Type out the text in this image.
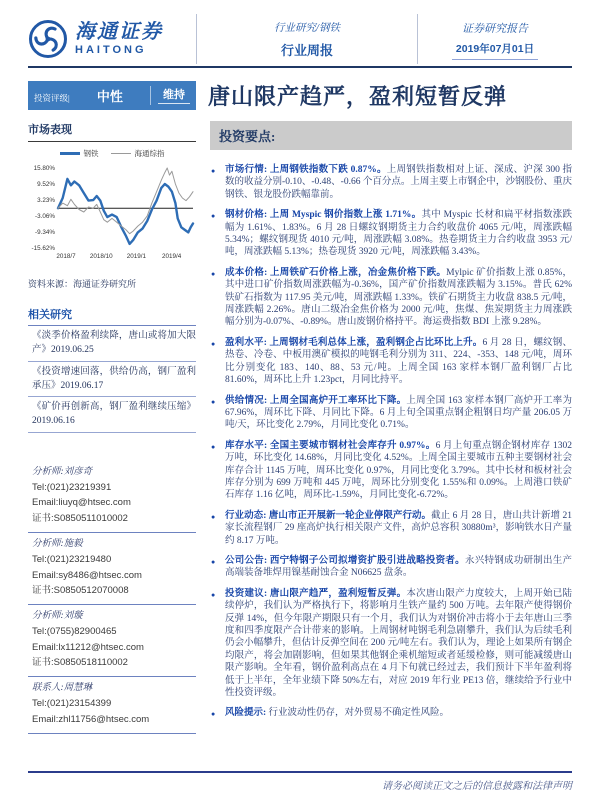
海通证券
HAITONG
行业研究/钢铁
行业周报
证券研究报告
2019年07月01日
投资评级|	中性	维持 唐山限产趋严，盈利短暂反弹
市场表现
钢铁	海通综指
15.80%
9.52%
3.23%
-3.06%
-9.34%
-15.62%
2018/7 2018/10 2019/1	2019/4
资料来源：海通证券研究所
相关研究
《淡季价格盈利续降，唐山或将加大限产》2019.06.25
《投资增速回落，供给仍高，钢厂盈利承压》2019.06.17
《矿价再创新高，钢厂盈利继续压缩》2019.06.16
分析师:刘彦奇
Tel:(021)23219391
Email:liuyq@htsec.com
证书:S0850511010002
分析师:施毅
Tel:(021)23219480
Email:sy8486@htsec.com
证书:S0850512070008
分析师:刘璇
Tel:(0755)82900465
Email:lx11212@htsec.com
证书:S0850518110002
联系人:周慧琳
Tel:(021)23154399
Email:zhl11756@htsec.com
投资要点:

● 市场行情: 上周钢铁指数下跌 0.87%。上周钢铁指数相对上证、深成、沪深 300 指数的收益分别-0.10、-0.48、-0.66 个百分点。上周主要上市钢企中，沙钢股份、重庆钢铁、银龙股份跌幅靠前。

● 钢材价格: 上周 Myspic 钢价指数上涨 1.71%。其中 Myspic 长材和扁平材指数涨跌幅为 1.61%、1.83%。6 月 28 日螺纹钢期货主力合约收盘价 4065 元/吨，周涨跌幅 5.34%；螺纹钢现货 4010 元/吨，周涨跌幅 3.08%。热卷期货主力合约收盘 3953 元/吨，周涨跌幅 5.13%；热卷现货 3920 元/吨，周涨跌幅 3.43%。

● 成本价格: 上周铁矿石价格上涨，冶金焦价格下跌。Mylpic 矿价指数上涨 0.85%，其中进口矿价指数周涨跌幅为-0.36%，国产矿价指数周涨跌幅为 3.15%。普氏 62%铁矿石指数为 117.95 美元/吨，周涨跌幅 1.33%。铁矿石期货主力收盘 838.5 元/吨，周涨跌幅 2.26%。唐山二级冶金焦价格为 2000 元/吨，焦煤、焦炭期货主力周涨跌幅分别为-0.07%、-0.89%。唐山废钢价格持平。海运费指数 BDI 上涨 9.28%。

● 盈利水平: 上周钢材毛利总体上涨，盈利钢企占比环比上升。6 月 28 日，螺纹钢、热卷、冷卷、中板用澳矿模拟的吨钢毛利分别为 311、224、-353、148 元/吨，周环比分别变化 183、140、88、53 元/吨。上周全国 163 家样本钢厂盈利钢厂占比 81.60%，周环比上升 1.23pct，月同比持平。

● 供给情况: 上周全国高炉开工率环比下降。上周全国 163 家样本钢厂高炉开工率为 67.96%，周环比下降、月同比下降。6 月上旬全国重点钢企粗钢日均产量 206.05 万吨/天，环比变化 2.79%，月同比变化 0.71%。

● 库存水平: 全国主要城市钢材社会库存升 0.97%。6 月上旬重点钢企钢材库存 1302 万吨，环比变化 14.68%，月同比变化 4.52%。上周全国主要城市五种主要钢材社会库存合计 1145 万吨，周环比变化 0.97%，月同比变化 3.79%。其中长材和板材社会库存分别为 699 万吨和 445 万吨，周环比分别变化 1.55%和 0.09%。上周港口铁矿石库存 1.16 亿吨，周环比-1.59%，月同比变化-6.72%。

● 行业动态: 唐山市正开展新一轮企业停限产行动。截止 6 月 28 日，唐山共计新增 21 家长流程钢厂 29 座高炉执行相关限产文件，高炉总容积 30880m³，影响铁水日产量约 8.17 万吨。

● 公司公告: 西宁特钢子公司拟增资扩股引进战略投资者。永兴特钢成功研制出生产高端装备堆焊用镍基耐蚀合金 N06625 盘条。

● 投资建议: 唐山限产趋严，盈利短暂反弹。本次唐山限产力度较大，上周开始已陆续停炉，我们认为严格执行下，将影响月生铁产量约 500 万吨。去年限产使得钢价反弹 14%，但今年限产期限只有一个月，我们认为对钢价冲击将小于去年唐山三季度和四季度限产合计带来的影响。上周钢材吨钢毛利急剧攀升，我们认为后续毛利仍会小幅攀升，但估计反弹空间在 200 元/吨左右。我们认为，理论上如果所有钢企均限产，将会加剧影响，但如果其他钢企乘机缩短或者延缓检修，则可能减缓唐山限产影响。全年看，钢价盈利高点在 4 月下旬就已经过去，我们预计下半年盈利将低于上半年，全年业绩下降 50%左右，对应 2019 年行业 PE13 倍，继续给予行业中性投资评级。

● 风险提示: 行业波动性仍存，对外贸易不确定性风险。

请务必阅读正文之后的信息披露和法律声明
